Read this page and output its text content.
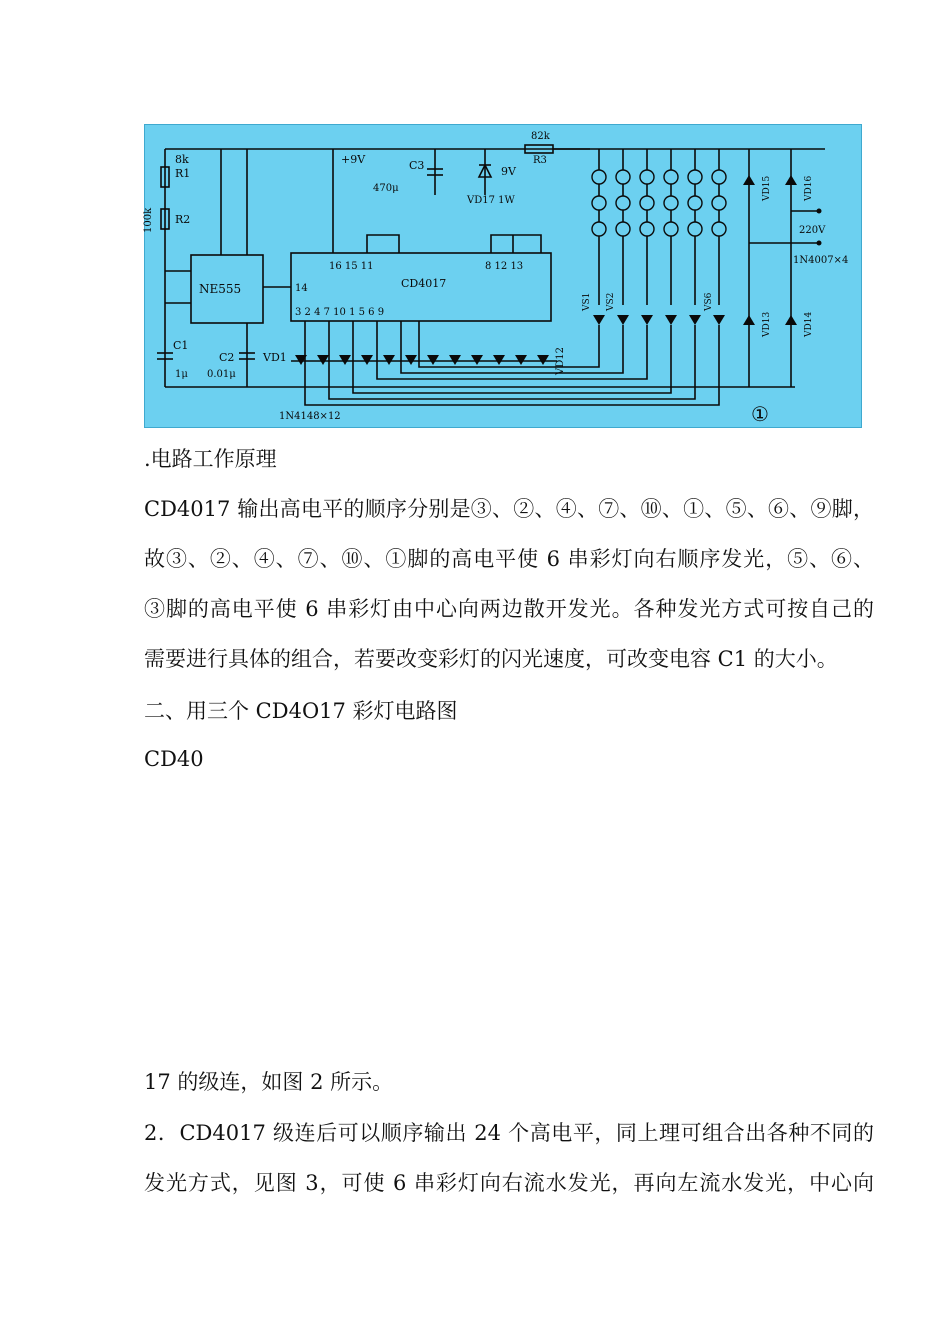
8k
R1
100k R2
NE555
C1
1μ
C2
0.01μ
VD1
+9V	C3
470μ
9V
VD17 1W
82k
R3
CD4017
16 15 11	8 12 13
3 2 4 7 10 1 5 6 9
14
VD12
1N4148×12
VS1 VS2	VS6
VD15	VD16
VD13	VD14
220V
1N4007×4
①
.电路工作原理
CD4017 输出高电平的顺序分别是③、②、④、⑦、⑩、①、⑤、⑥、⑨脚，
故③、②、④、⑦、⑩、①脚的高电平使 6 串彩灯向右顺序发光，⑤、⑥、
③脚的高电平使 6 串彩灯由中心向两边散开发光。各种发光方式可按自己的
需要进行具体的组合，若要改变彩灯的闪光速度，可改变电容 C1 的大小。
二、用三个 CD4O17 彩灯电路图
CD40
17 的级连，如图 2 所示。
2．CD4017 级连后可以顺序输出 24 个高电平，同上理可组合出各种不同的
发光方式，见图 3，可使 6 串彩灯向右流水发光，再向左流水发光，中心向
